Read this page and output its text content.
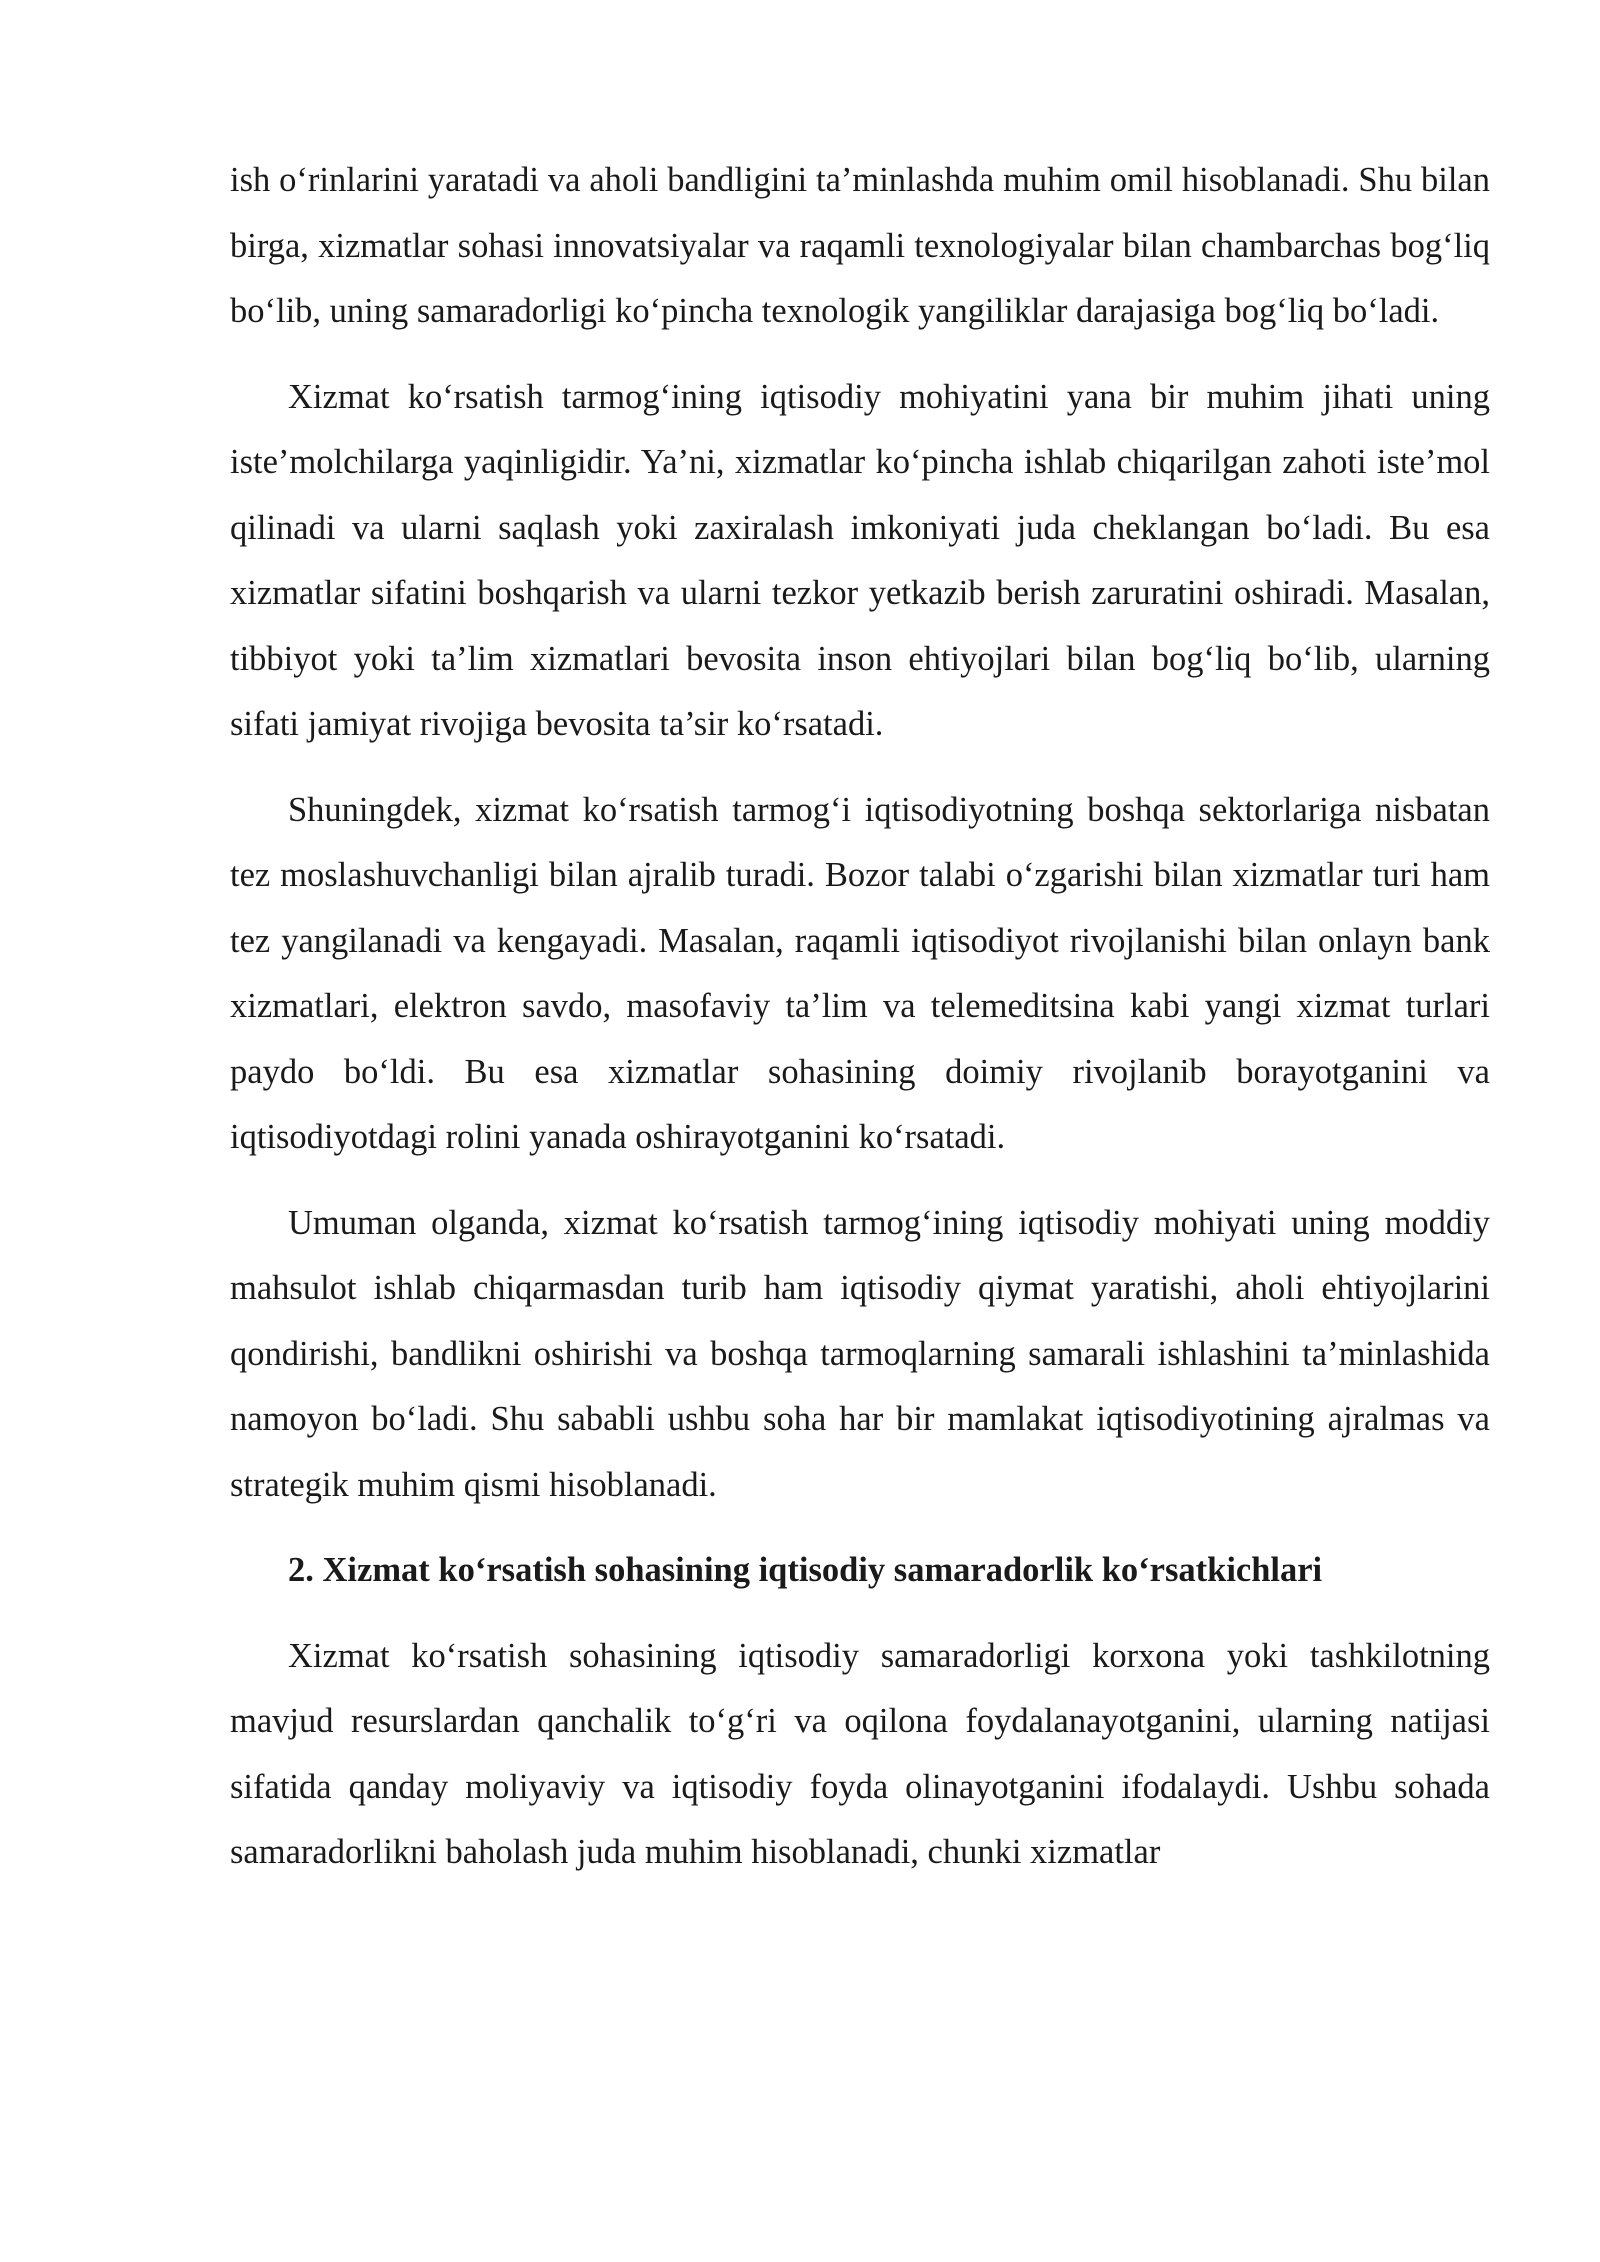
ish o‘rinlarini yaratadi va aholi bandligini ta’minlashda muhim omil hisoblanadi. Shu bilan birga, xizmatlar sohasi innovatsiyalar va raqamli texnologiyalar bilan chambarchas bog‘liq bo‘lib, uning samaradorligi ko‘pincha texnologik yangiliklar darajasiga bog‘liq bo‘ladi.

Xizmat ko‘rsatish tarmog‘ining iqtisodiy mohiyatini yana bir muhim jihati uning iste’molchilarga yaqinligidir. Ya’ni, xizmatlar ko‘pincha ishlab chiqarilgan zahoti iste’mol qilinadi va ularni saqlash yoki zaxiralash imkoniyati juda cheklangan bo‘ladi. Bu esa xizmatlar sifatini boshqarish va ularni tezkor yetkazib berish zaruratini oshiradi. Masalan, tibbiyot yoki ta’lim xizmatlari bevosita inson ehtiyojlari bilan bog‘liq bo‘lib, ularning sifati jamiyat rivojiga bevosita ta’sir ko‘rsatadi.

Shuningdek, xizmat ko‘rsatish tarmog‘i iqtisodiyotning boshqa sektorlariga nisbatan tez moslashuvchanligi bilan ajralib turadi. Bozor talabi o‘zgarishi bilan xizmatlar turi ham tez yangilanadi va kengayadi. Masalan, raqamli iqtisodiyot rivojlanishi bilan onlayn bank xizmatlari, elektron savdo, masofaviy ta’lim va telemeditsina kabi yangi xizmat turlari paydo bo‘ldi. Bu esa xizmatlar sohasining doimiy rivojlanib borayotganini va iqtisodiyotdagi rolini yanada oshirayotganini ko‘rsatadi.

Umuman olganda, xizmat ko‘rsatish tarmog‘ining iqtisodiy mohiyati uning moddiy mahsulot ishlab chiqarmasdan turib ham iqtisodiy qiymat yaratishi, aholi ehtiyojlarini qondirishi, bandlikni oshirishi va boshqa tarmoqlarning samarali ishlashini ta’minlashida namoyon bo‘ladi. Shu sababli ushbu soha har bir mamlakat iqtisodiyotining ajralmas va strategik muhim qismi hisoblanadi.

2. Xizmat ko‘rsatish sohasining iqtisodiy samaradorlik ko‘rsatkichlari

Xizmat ko‘rsatish sohasining iqtisodiy samaradorligi korxona yoki tashkilotning mavjud resurslardan qanchalik to‘g‘ri va oqilona foydalanayotganini, ularning natijasi sifatida qanday moliyaviy va iqtisodiy foyda olinayotganini ifodalaydi. Ushbu sohada samaradorlikni baholash juda muhim hisoblanadi, chunki xizmatlar
